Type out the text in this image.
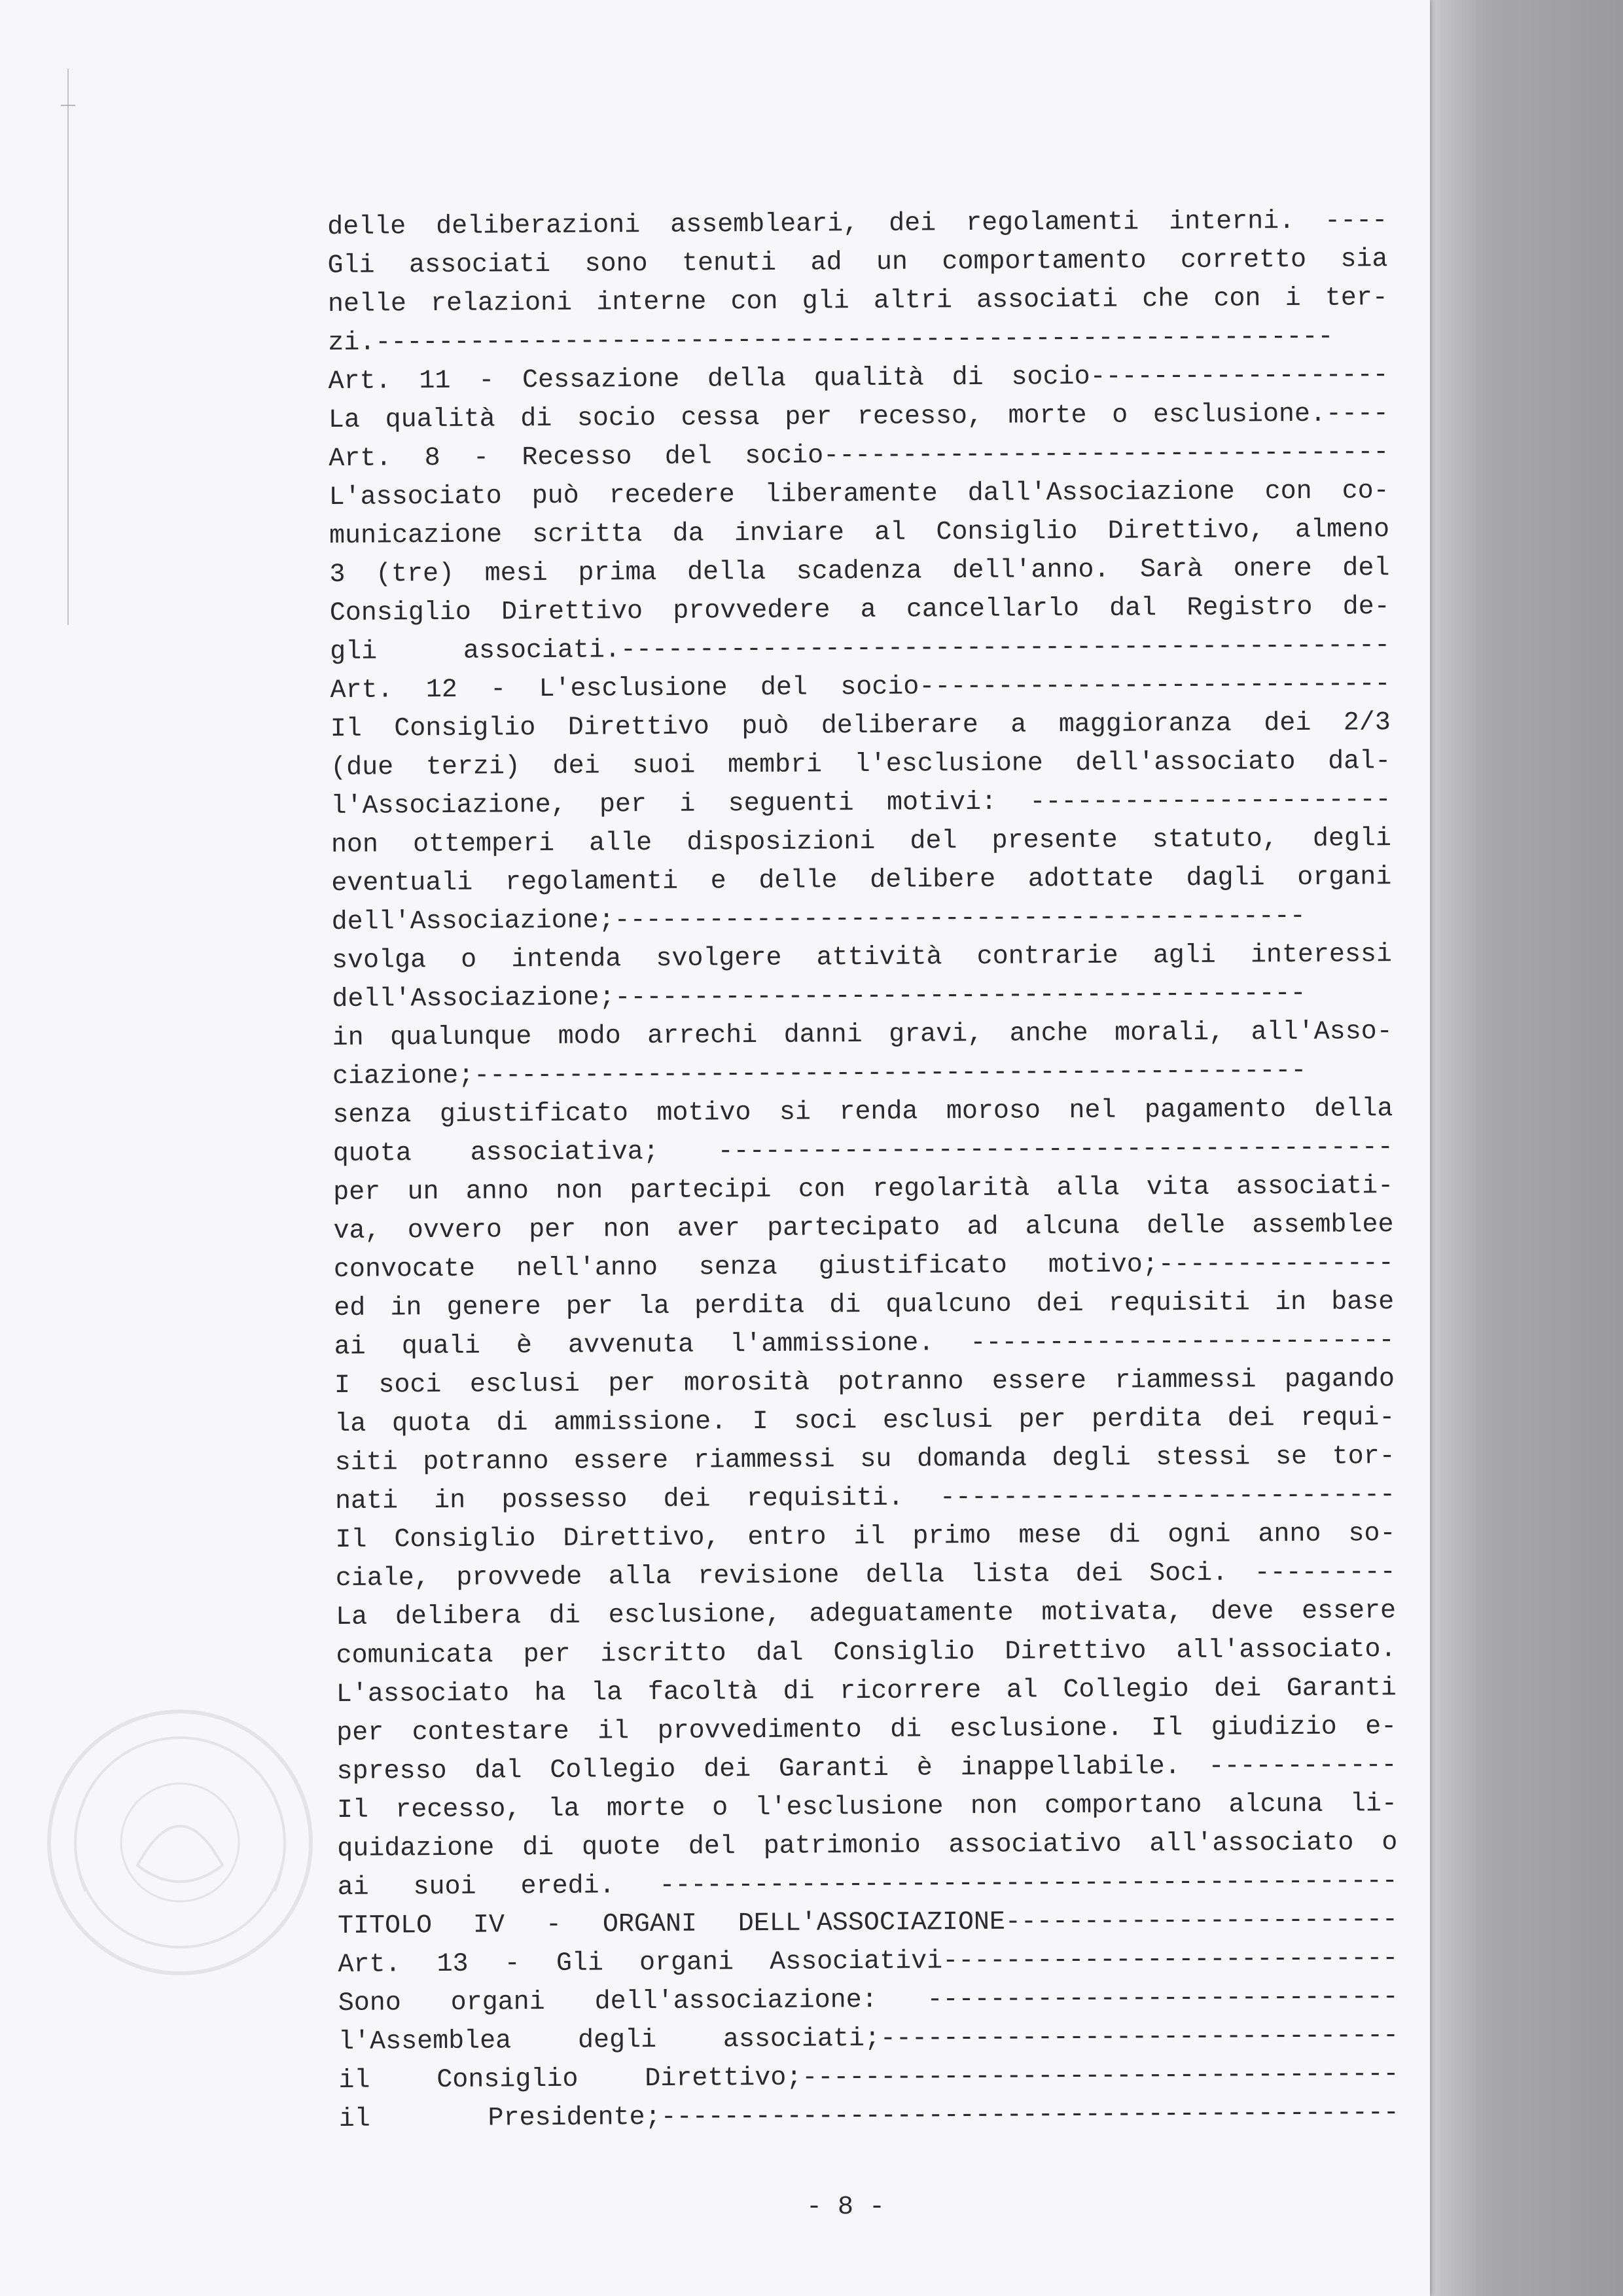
delle deliberazioni assembleari, dei regolamenti interni. ----
Gli associati sono tenuti ad un comportamento corretto sia
nelle relazioni interne con gli altri associati che con i ter-
zi.-------------------------------------------------------------
Art. 11 - Cessazione della qualità di socio-------------------
La qualità di socio cessa per recesso, morte o esclusione.----
Art. 8 - Recesso del socio------------------------------------
L'associato può recedere liberamente dall'Associazione con co-
municazione scritta da inviare al Consiglio Direttivo, almeno
3 (tre) mesi prima della scadenza dell'anno. Sarà onere del
Consiglio Direttivo provvedere a cancellarlo dal Registro de-
gli associati.-------------------------------------------------
Art. 12 - L'esclusione del socio------------------------------
Il Consiglio Direttivo può deliberare a maggioranza dei 2/3
(due terzi) dei suoi membri l'esclusione dell'associato dal-
l'Associazione, per i seguenti motivi: -----------------------
non ottemperi alle disposizioni del presente statuto, degli
eventuali regolamenti e delle delibere adottate dagli organi
dell'Associazione;--------------------------------------------
svolga o intenda svolgere attività contrarie agli interessi
dell'Associazione;--------------------------------------------
in qualunque modo arrechi danni gravi, anche morali, all'Asso-
ciazione;-----------------------------------------------------
senza giustificato motivo si renda moroso nel pagamento della
quota associativa; -------------------------------------------
per un anno non partecipi con regolarità alla vita associati-
va, ovvero per non aver partecipato ad alcuna delle assemblee
convocate nell'anno senza giustificato motivo;---------------
ed in genere per la perdita di qualcuno dei requisiti in base
ai quali è avvenuta l'ammissione. ---------------------------
I soci esclusi per morosità potranno essere riammessi pagando
la quota di ammissione. I soci esclusi per perdita dei requi-
siti potranno essere riammessi su domanda degli stessi se tor-
nati in possesso dei requisiti. -----------------------------
Il Consiglio Direttivo, entro il primo mese di ogni anno so-
ciale, provvede alla revisione della lista dei Soci. ---------
La delibera di esclusione, adeguatamente motivata, deve essere
comunicata per iscritto dal Consiglio Direttivo all'associato.
L'associato ha la facoltà di ricorrere al Collegio dei Garanti
per contestare il provvedimento di esclusione. Il giudizio e-
spresso dal Collegio dei Garanti è inappellabile. ------------
Il recesso, la morte o l'esclusione non comportano alcuna li-
quidazione di quote del patrimonio associativo all'associato o
ai suoi eredi. -----------------------------------------------
TITOLO IV - ORGANI DELL'ASSOCIAZIONE-------------------------
Art. 13 - Gli organi Associativi-----------------------------
Sono organi dell'associazione: ------------------------------
l'Assemblea degli associati;---------------------------------
il Consiglio Direttivo;--------------------------------------
il Presidente;-----------------------------------------------
- 8 -
